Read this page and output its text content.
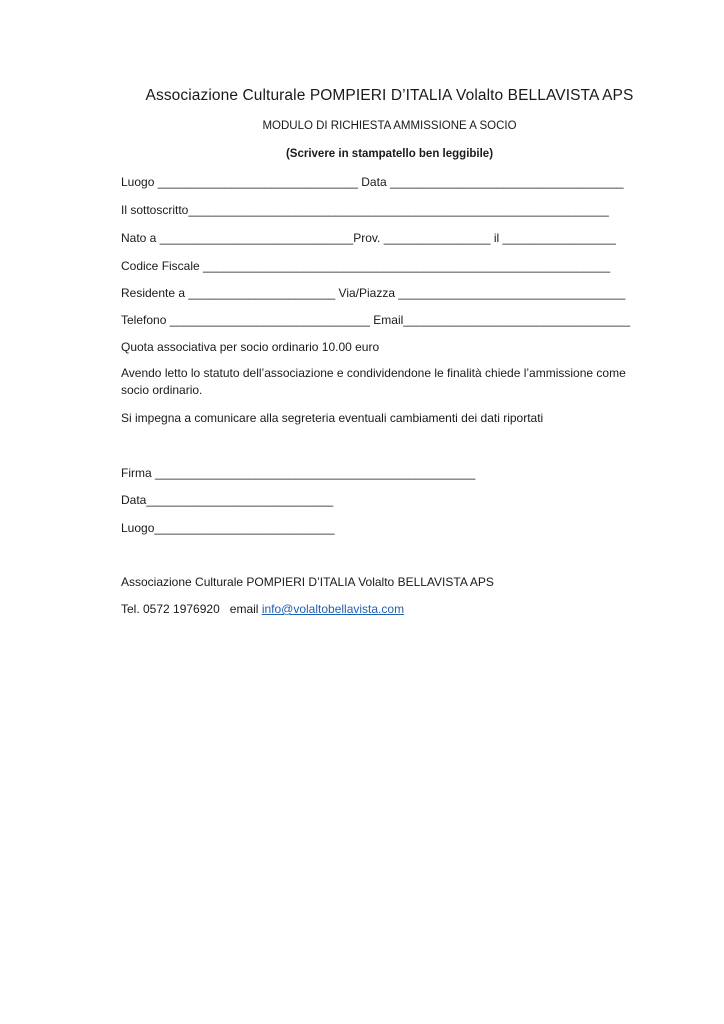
Associazione Culturale POMPIERI D’ITALIA Volalto BELLAVISTA APS
MODULO DI RICHIESTA AMMISSIONE A SOCIO
(Scrivere in stampatello ben leggibile)
Luogo ______________________________ Data ___________________________________
Il sottoscritto_______________________________________________________________
Nato a _____________________________Prov. ________________ il _________________
Codice Fiscale _____________________________________________________________
Residente a ______________________ Via/Piazza __________________________________
Telefono ______________________________ Email__________________________________
Quota associativa per socio ordinario 10.00 euro
Avendo letto lo statuto dell’associazione e condividendone le finalità chiede l’ammissione come socio ordinario.
Si impegna a comunicare alla segreteria eventuali cambiamenti dei dati riportati
Firma ________________________________________________
Data____________________________
Luogo___________________________
Associazione Culturale POMPIERI D’ITALIA Volalto BELLAVISTA APS
Tel. 0572 1976920 email info@volaltobellavista.com
